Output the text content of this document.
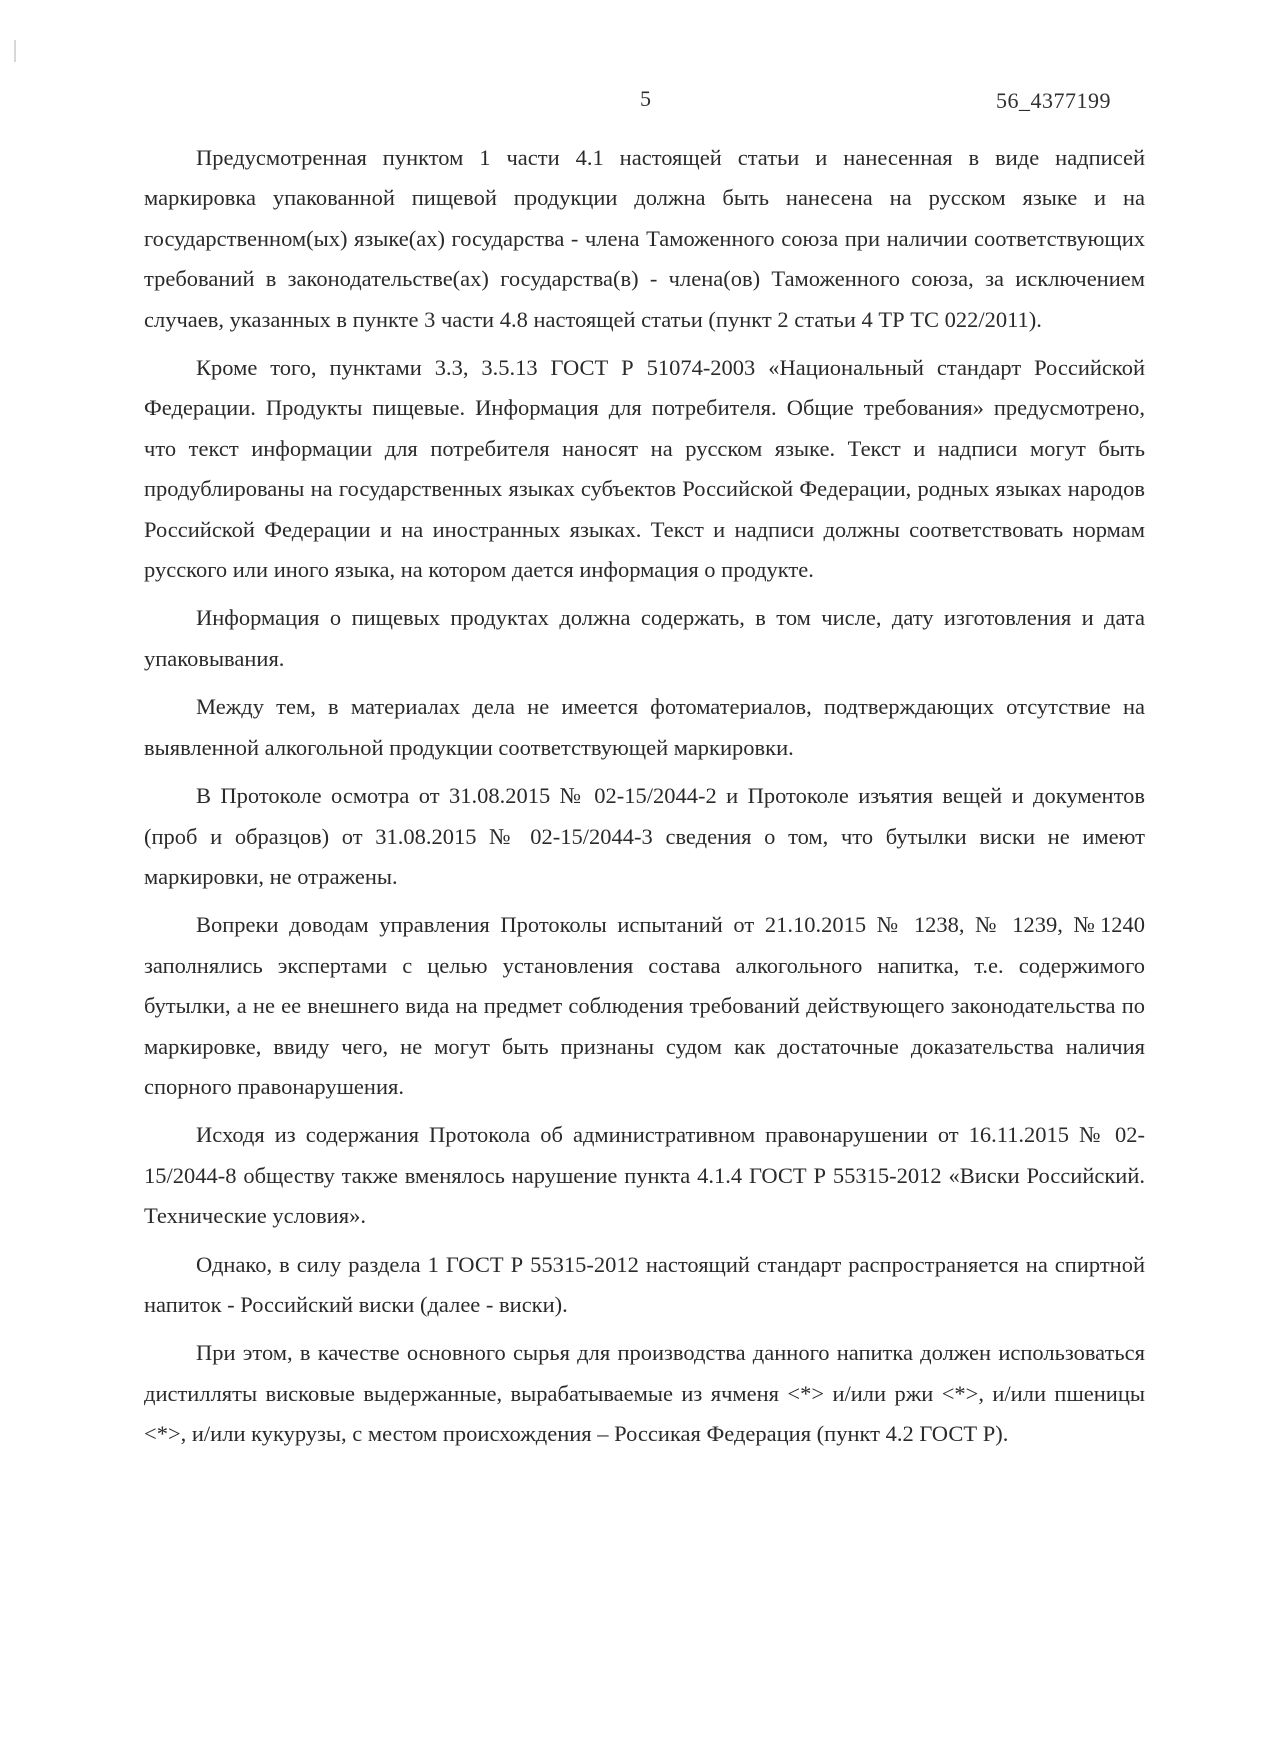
5	56_4377199

Предусмотренная пунктом 1 части 4.1 настоящей статьи и нанесенная в виде надписей маркировка упакованной пищевой продукции должна быть нанесена на русском языке и на государственном(ых) языке(ах) государства - члена Таможенного союза при наличии соответствующих требований в законодательстве(ах) государства(в) - члена(ов) Таможенного союза, за исключением случаев, указанных в пункте 3 части 4.8 настоящей статьи (пункт 2 статьи 4 ТР ТС 022/2011).

Кроме того, пунктами 3.3, 3.5.13 ГОСТ Р 51074-2003 «Национальный стандарт Российской Федерации. Продукты пищевые. Информация для потребителя. Общие требования» предусмотрено, что текст информации для потребителя наносят на русском языке. Текст и надписи могут быть продублированы на государственных языках субъектов Российской Федерации, родных языках народов Российской Федерации и на иностранных языках. Текст и надписи должны соответствовать нормам русского или иного языка, на котором дается информация о продукте.

Информация о пищевых продуктах должна содержать, в том числе, дату изготовления и дата упаковывания.

Между тем, в материалах дела не имеется фотоматериалов, подтверждающих отсутствие на выявленной алкогольной продукции соответствующей маркировки.

В Протоколе осмотра от 31.08.2015 № 02-15/2044-2 и Протоколе изъятия вещей и документов (проб и образцов) от 31.08.2015 № 02-15/2044-3 сведения о том, что бутылки виски не имеют маркировки, не отражены.

Вопреки доводам управления Протоколы испытаний от 21.10.2015 № 1238, № 1239, №1240 заполнялись экспертами с целью установления состава алкогольного напитка, т.е. содержимого бутылки, а не ее внешнего вида на предмет соблюдения требований действующего законодательства по маркировке, ввиду чего, не могут быть признаны судом как достаточные доказательства наличия спорного правонарушения.

Исходя из содержания Протокола об административном правонарушении от 16.11.2015 № 02-15/2044-8 обществу также вменялось нарушение пункта 4.1.4 ГОСТ Р 55315-2012 «Виски Российский. Технические условия».

Однако, в силу раздела 1 ГОСТ Р 55315-2012 настоящий стандарт распространяется на спиртной напиток - Российский виски (далее - виски).

При этом, в качестве основного сырья для производства данного напитка должен использоваться дистилляты висковые выдержанные, вырабатываемые из ячменя <*> и/или ржи <*>, и/или пшеницы <*>, и/или кукурузы, с местом происхождения – Россикая Федерация (пункт 4.2 ГОСТ Р).
